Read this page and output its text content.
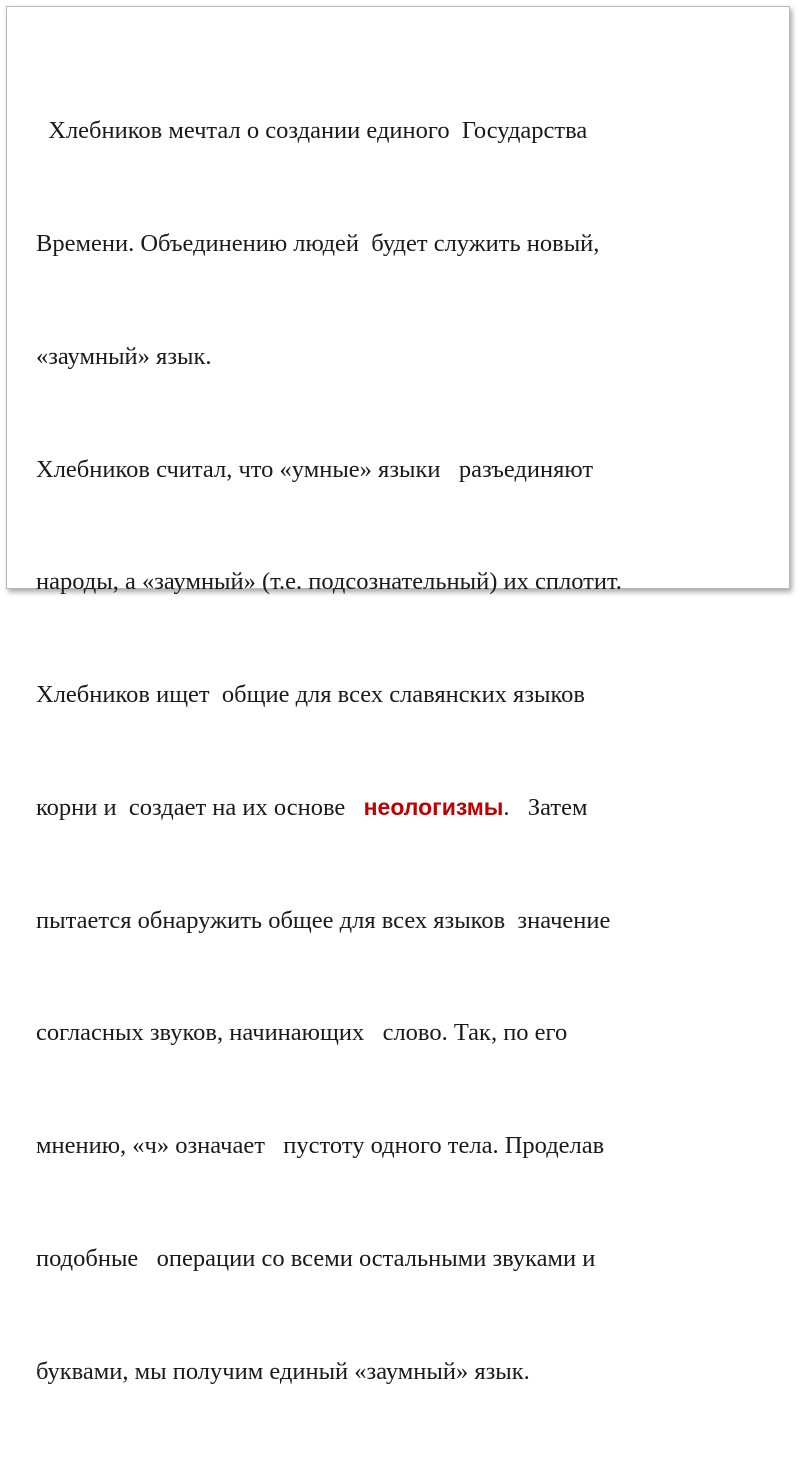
Хлебников мечтал о создании единого  Государства

Времени. Объединению людей  будет служить новый,

«заумный» язык.

Хлебников считал, что «умные» языки   разъединяют

народы, а «заумный» (т.е. подсознательный) их сплотит.

Хлебников ищет  общие для всех славянских языков

корни и  создает на их основе   неологизмы.   Затем

пытается обнаружить общее для всех языков  значение

согласных звуков, начинающих   слово. Так, по его

мнению, «ч» означает   пустоту одного тела. Проделав

подобные   операции со всеми остальными звуками и

буквами, мы получим единый «заумный» язык.
